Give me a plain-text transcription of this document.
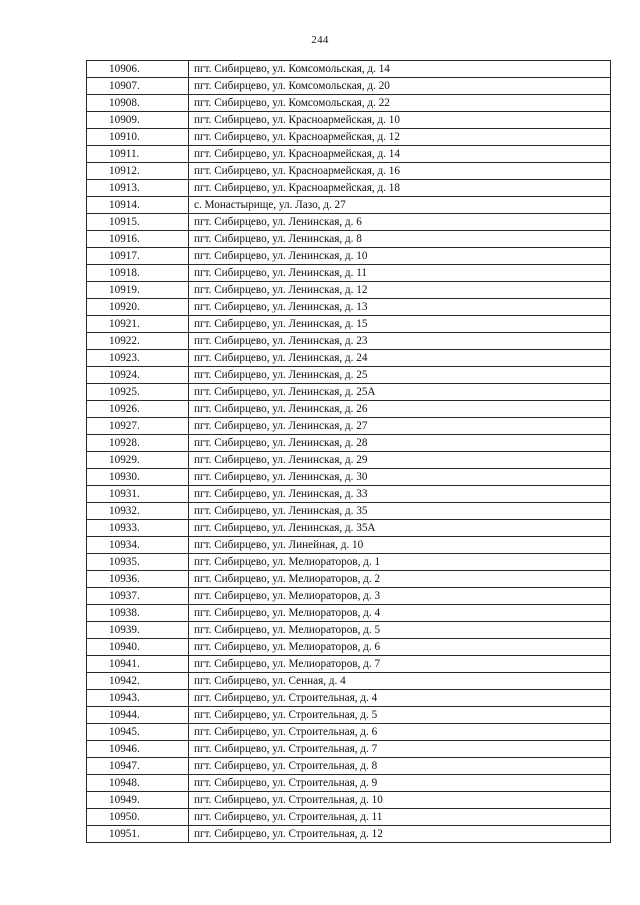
244
10906.	пгт. Сибирцево, ул. Комсомольская, д. 14
10907.	пгт. Сибирцево, ул. Комсомольская, д. 20
10908.	пгт. Сибирцево, ул. Комсомольская, д. 22
10909.	пгт. Сибирцево, ул. Красноармейская, д. 10
10910.	пгт. Сибирцево, ул. Красноармейская, д. 12
10911.	пгт. Сибирцево, ул. Красноармейская, д. 14
10912.	пгт. Сибирцево, ул. Красноармейская, д. 16
10913.	пгт. Сибирцево, ул. Красноармейская, д. 18
10914.	с. Монастырище, ул. Лазо, д. 27
10915.	пгт. Сибирцево, ул. Ленинская, д. 6
10916.	пгт. Сибирцево, ул. Ленинская, д. 8
10917.	пгт. Сибирцево, ул. Ленинская, д. 10
10918.	пгт. Сибирцево, ул. Ленинская, д. 11
10919.	пгт. Сибирцево, ул. Ленинская, д. 12
10920.	пгт. Сибирцево, ул. Ленинская, д. 13
10921.	пгт. Сибирцево, ул. Ленинская, д. 15
10922.	пгт. Сибирцево, ул. Ленинская, д. 23
10923.	пгт. Сибирцево, ул. Ленинская, д. 24
10924.	пгт. Сибирцево, ул. Ленинская, д. 25
10925.	пгт. Сибирцево, ул. Ленинская, д. 25А
10926.	пгт. Сибирцево, ул. Ленинская, д. 26
10927.	пгт. Сибирцево, ул. Ленинская, д. 27
10928.	пгт. Сибирцево, ул. Ленинская, д. 28
10929.	пгт. Сибирцево, ул. Ленинская, д. 29
10930.	пгт. Сибирцево, ул. Ленинская, д. 30
10931.	пгт. Сибирцево, ул. Ленинская, д. 33
10932.	пгт. Сибирцево, ул. Ленинская, д. 35
10933.	пгт. Сибирцево, ул. Ленинская, д. 35А
10934.	пгт. Сибирцево, ул. Линейная, д. 10
10935.	пгт. Сибирцево, ул. Мелиораторов, д. 1
10936.	пгт. Сибирцево, ул. Мелиораторов, д. 2
10937.	пгт. Сибирцево, ул. Мелиораторов, д. 3
10938.	пгт. Сибирцево, ул. Мелиораторов, д. 4
10939.	пгт. Сибирцево, ул. Мелиораторов, д. 5
10940.	пгт. Сибирцево, ул. Мелиораторов, д. 6
10941.	пгт. Сибирцево, ул. Мелиораторов, д. 7
10942.	пгт. Сибирцево, ул. Сенная, д. 4
10943.	пгт. Сибирцево, ул. Строительная, д. 4
10944.	пгт. Сибирцево, ул. Строительная, д. 5
10945.	пгт. Сибирцево, ул. Строительная, д. 6
10946.	пгт. Сибирцево, ул. Строительная, д. 7
10947.	пгт. Сибирцево, ул. Строительная, д. 8
10948.	пгт. Сибирцево, ул. Строительная, д. 9
10949.	пгт. Сибирцево, ул. Строительная, д. 10
10950.	пгт. Сибирцево, ул. Строительная, д. 11
10951.	пгт. Сибирцево, ул. Строительная, д. 12
